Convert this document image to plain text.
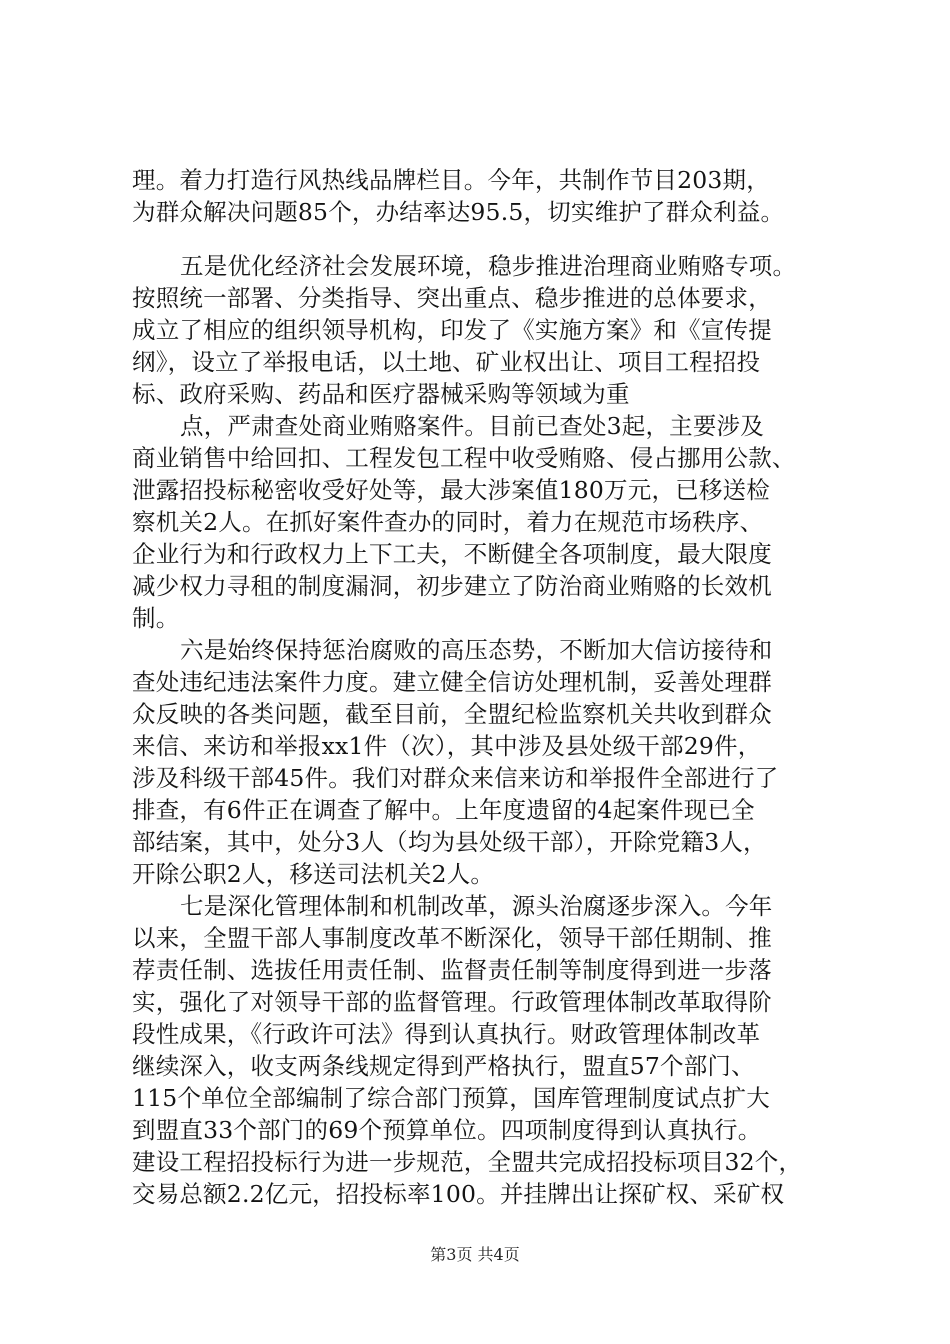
理。着力打造行风热线品牌栏目。今年，共制作节目203期，
为群众解决问题85个，办结率达95.5，切实维护了群众利益。
五是优化经济社会发展环境，稳步推进治理商业贿赂专项。
按照统一部署、分类指导、突出重点、稳步推进的总体要求，
成立了相应的组织领导机构，印发了《实施方案》和《宣传提
纲》，设立了举报电话，以土地、矿业权出让、项目工程招投
标、政府采购、药品和医疗器械采购等领域为重
点，严肃查处商业贿赂案件。目前已查处3起，主要涉及
商业销售中给回扣、工程发包工程中收受贿赂、侵占挪用公款、
泄露招投标秘密收受好处等，最大涉案值180万元，已移送检
察机关2人。在抓好案件查办的同时，着力在规范市场秩序、
企业行为和行政权力上下工夫，不断健全各项制度，最大限度
减少权力寻租的制度漏洞，初步建立了防治商业贿赂的长效机
制。
六是始终保持惩治腐败的高压态势，不断加大信访接待和
查处违纪违法案件力度。建立健全信访处理机制，妥善处理群
众反映的各类问题，截至目前，全盟纪检监察机关共收到群众
来信、来访和举报xx1件（次），其中涉及县处级干部29件，
涉及科级干部45件。我们对群众来信来访和举报件全部进行了
排查，有6件正在调查了解中。上年度遗留的4起案件现已全
部结案，其中，处分3人（均为县处级干部），开除党籍3人，
开除公职2人，移送司法机关2人。
七是深化管理体制和机制改革，源头治腐逐步深入。今年
以来，全盟干部人事制度改革不断深化，领导干部任期制、推
荐责任制、选拔任用责任制、监督责任制等制度得到进一步落
实，强化了对领导干部的监督管理。行政管理体制改革取得阶
段性成果，《行政许可法》得到认真执行。财政管理体制改革
继续深入，收支两条线规定得到严格执行，盟直57个部门、
115个单位全部编制了综合部门预算，国库管理制度试点扩大
到盟直33个部门的69个预算单位。四项制度得到认真执行。
建设工程招投标行为进一步规范，全盟共完成招投标项目32个，
交易总额2.2亿元，招投标率100。并挂牌出让探矿权、采矿权
第3页 共4页
